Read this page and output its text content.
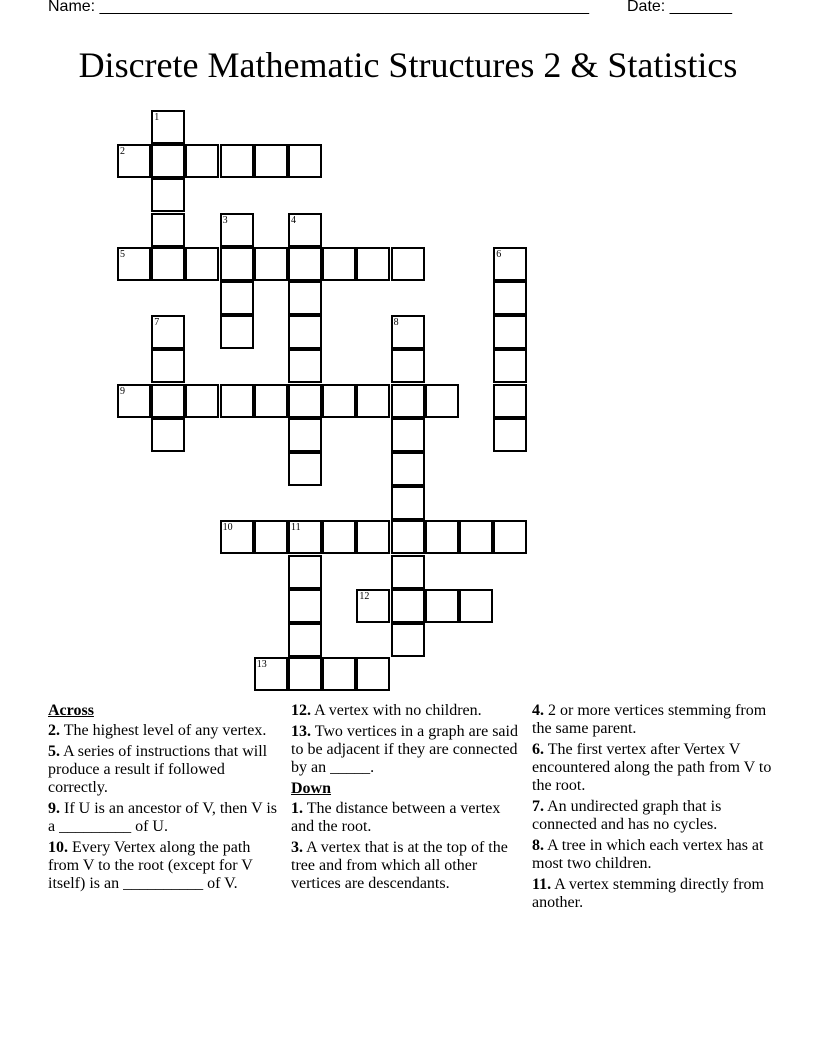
Name: _______________________________________________________ Date: _______
Discrete Mathematic Structures 2 & Statistics
1
2
3	4
5	6
7	8
9
10	11
12
13
Across
2. The highest level of any vertex.
5. A series of instructions that will produce a result if followed correctly.
9. If U is an ancestor of V, then V is a _________ of U.
10. Every Vertex along the path from V to the root (except for V itself) is an __________ of V.
12. A vertex with no children.
13. Two vertices in a graph are said to be adjacent if they are connected by an _____.
Down
1. The distance between a vertex and the root.
3. A vertex that is at the top of the tree and from which all other vertices are descendants.
4. 2 or more vertices stemming from the same parent.
6. The first vertex after Vertex V encountered along the path from V to the root.
7. An undirected graph that is connected and has no cycles.
8. A tree in which each vertex has at most two children.
11. A vertex stemming directly from another.
